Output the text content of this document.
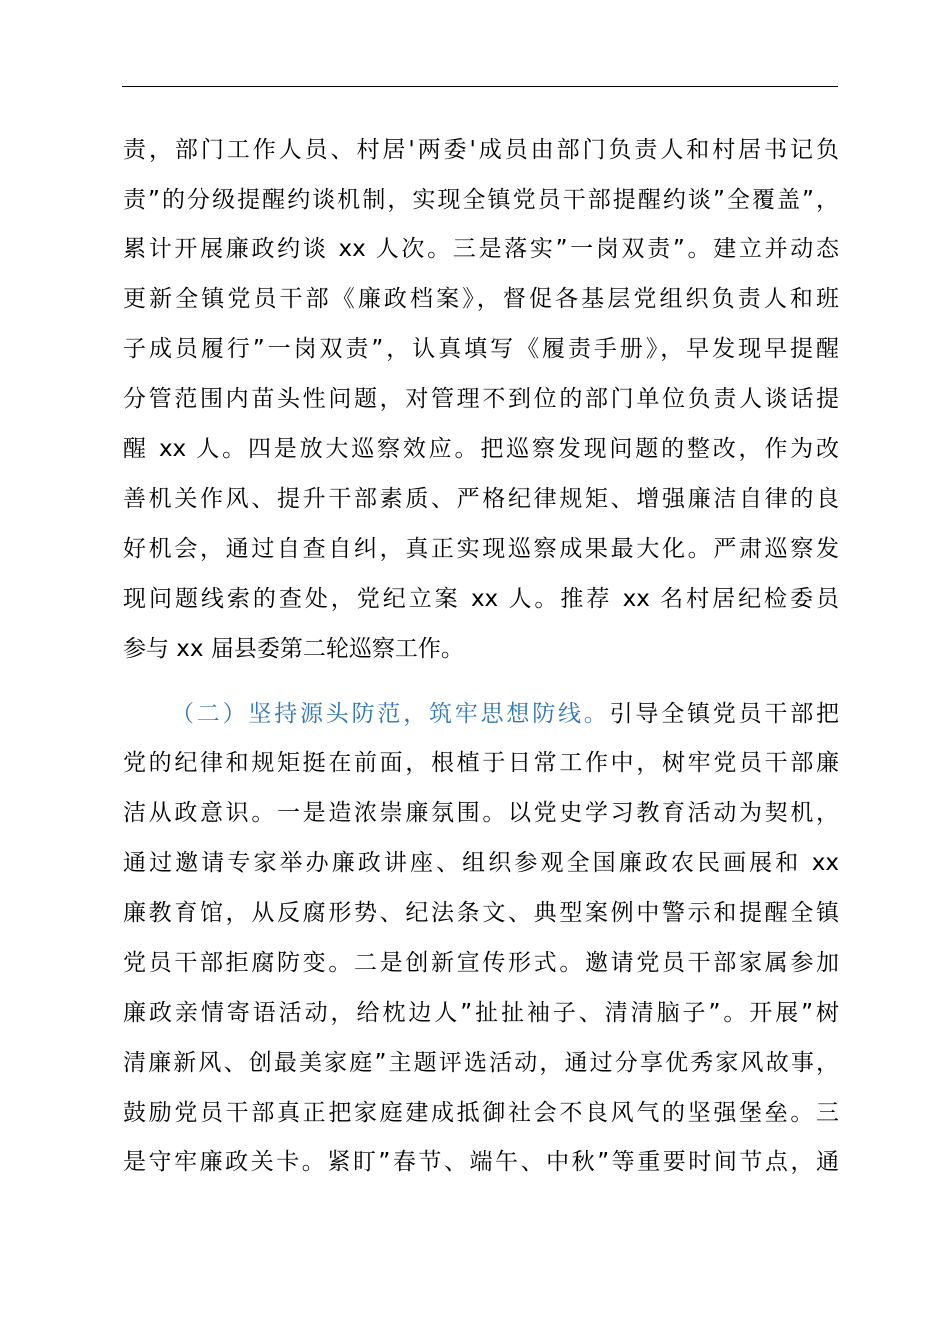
责，部门工作人员、村居'两委'成员由部门负责人和村居书记负
责”的分级提醒约谈机制，实现全镇党员干部提醒约谈”全覆盖”，
累计开展廉政约谈 xx 人次。三是落实”一岗双责”。建立并动态
更新全镇党员干部《廉政档案》，督促各基层党组织负责人和班
子成员履行”一岗双责”，认真填写《履责手册》，早发现早提醒
分管范围内苗头性问题，对管理不到位的部门单位负责人谈话提
醒 xx 人。四是放大巡察效应。把巡察发现问题的整改，作为改
善机关作风、提升干部素质、严格纪律规矩、增强廉洁自律的良
好机会，通过自查自纠，真正实现巡察成果最大化。严肃巡察发
现问题线索的查处，党纪立案 xx 人。推荐 xx 名村居纪检委员
参与 xx 届县委第二轮巡察工作。
（二）坚持源头防范，筑牢思想防线。引导全镇党员干部把
党的纪律和规矩挺在前面，根植于日常工作中，树牢党员干部廉
洁从政意识。一是造浓崇廉氛围。以党史学习教育活动为契机，
通过邀请专家举办廉政讲座、组织参观全国廉政农民画展和 xx
廉教育馆，从反腐形势、纪法条文、典型案例中警示和提醒全镇
党员干部拒腐防变。二是创新宣传形式。邀请党员干部家属参加
廉政亲情寄语活动，给枕边人”扯扯袖子、清清脑子”。开展”树
清廉新风、创最美家庭”主题评选活动，通过分享优秀家风故事，
鼓励党员干部真正把家庭建成抵御社会不良风气的坚强堡垒。三
是守牢廉政关卡。紧盯”春节、端午、中秋”等重要时间节点，通
